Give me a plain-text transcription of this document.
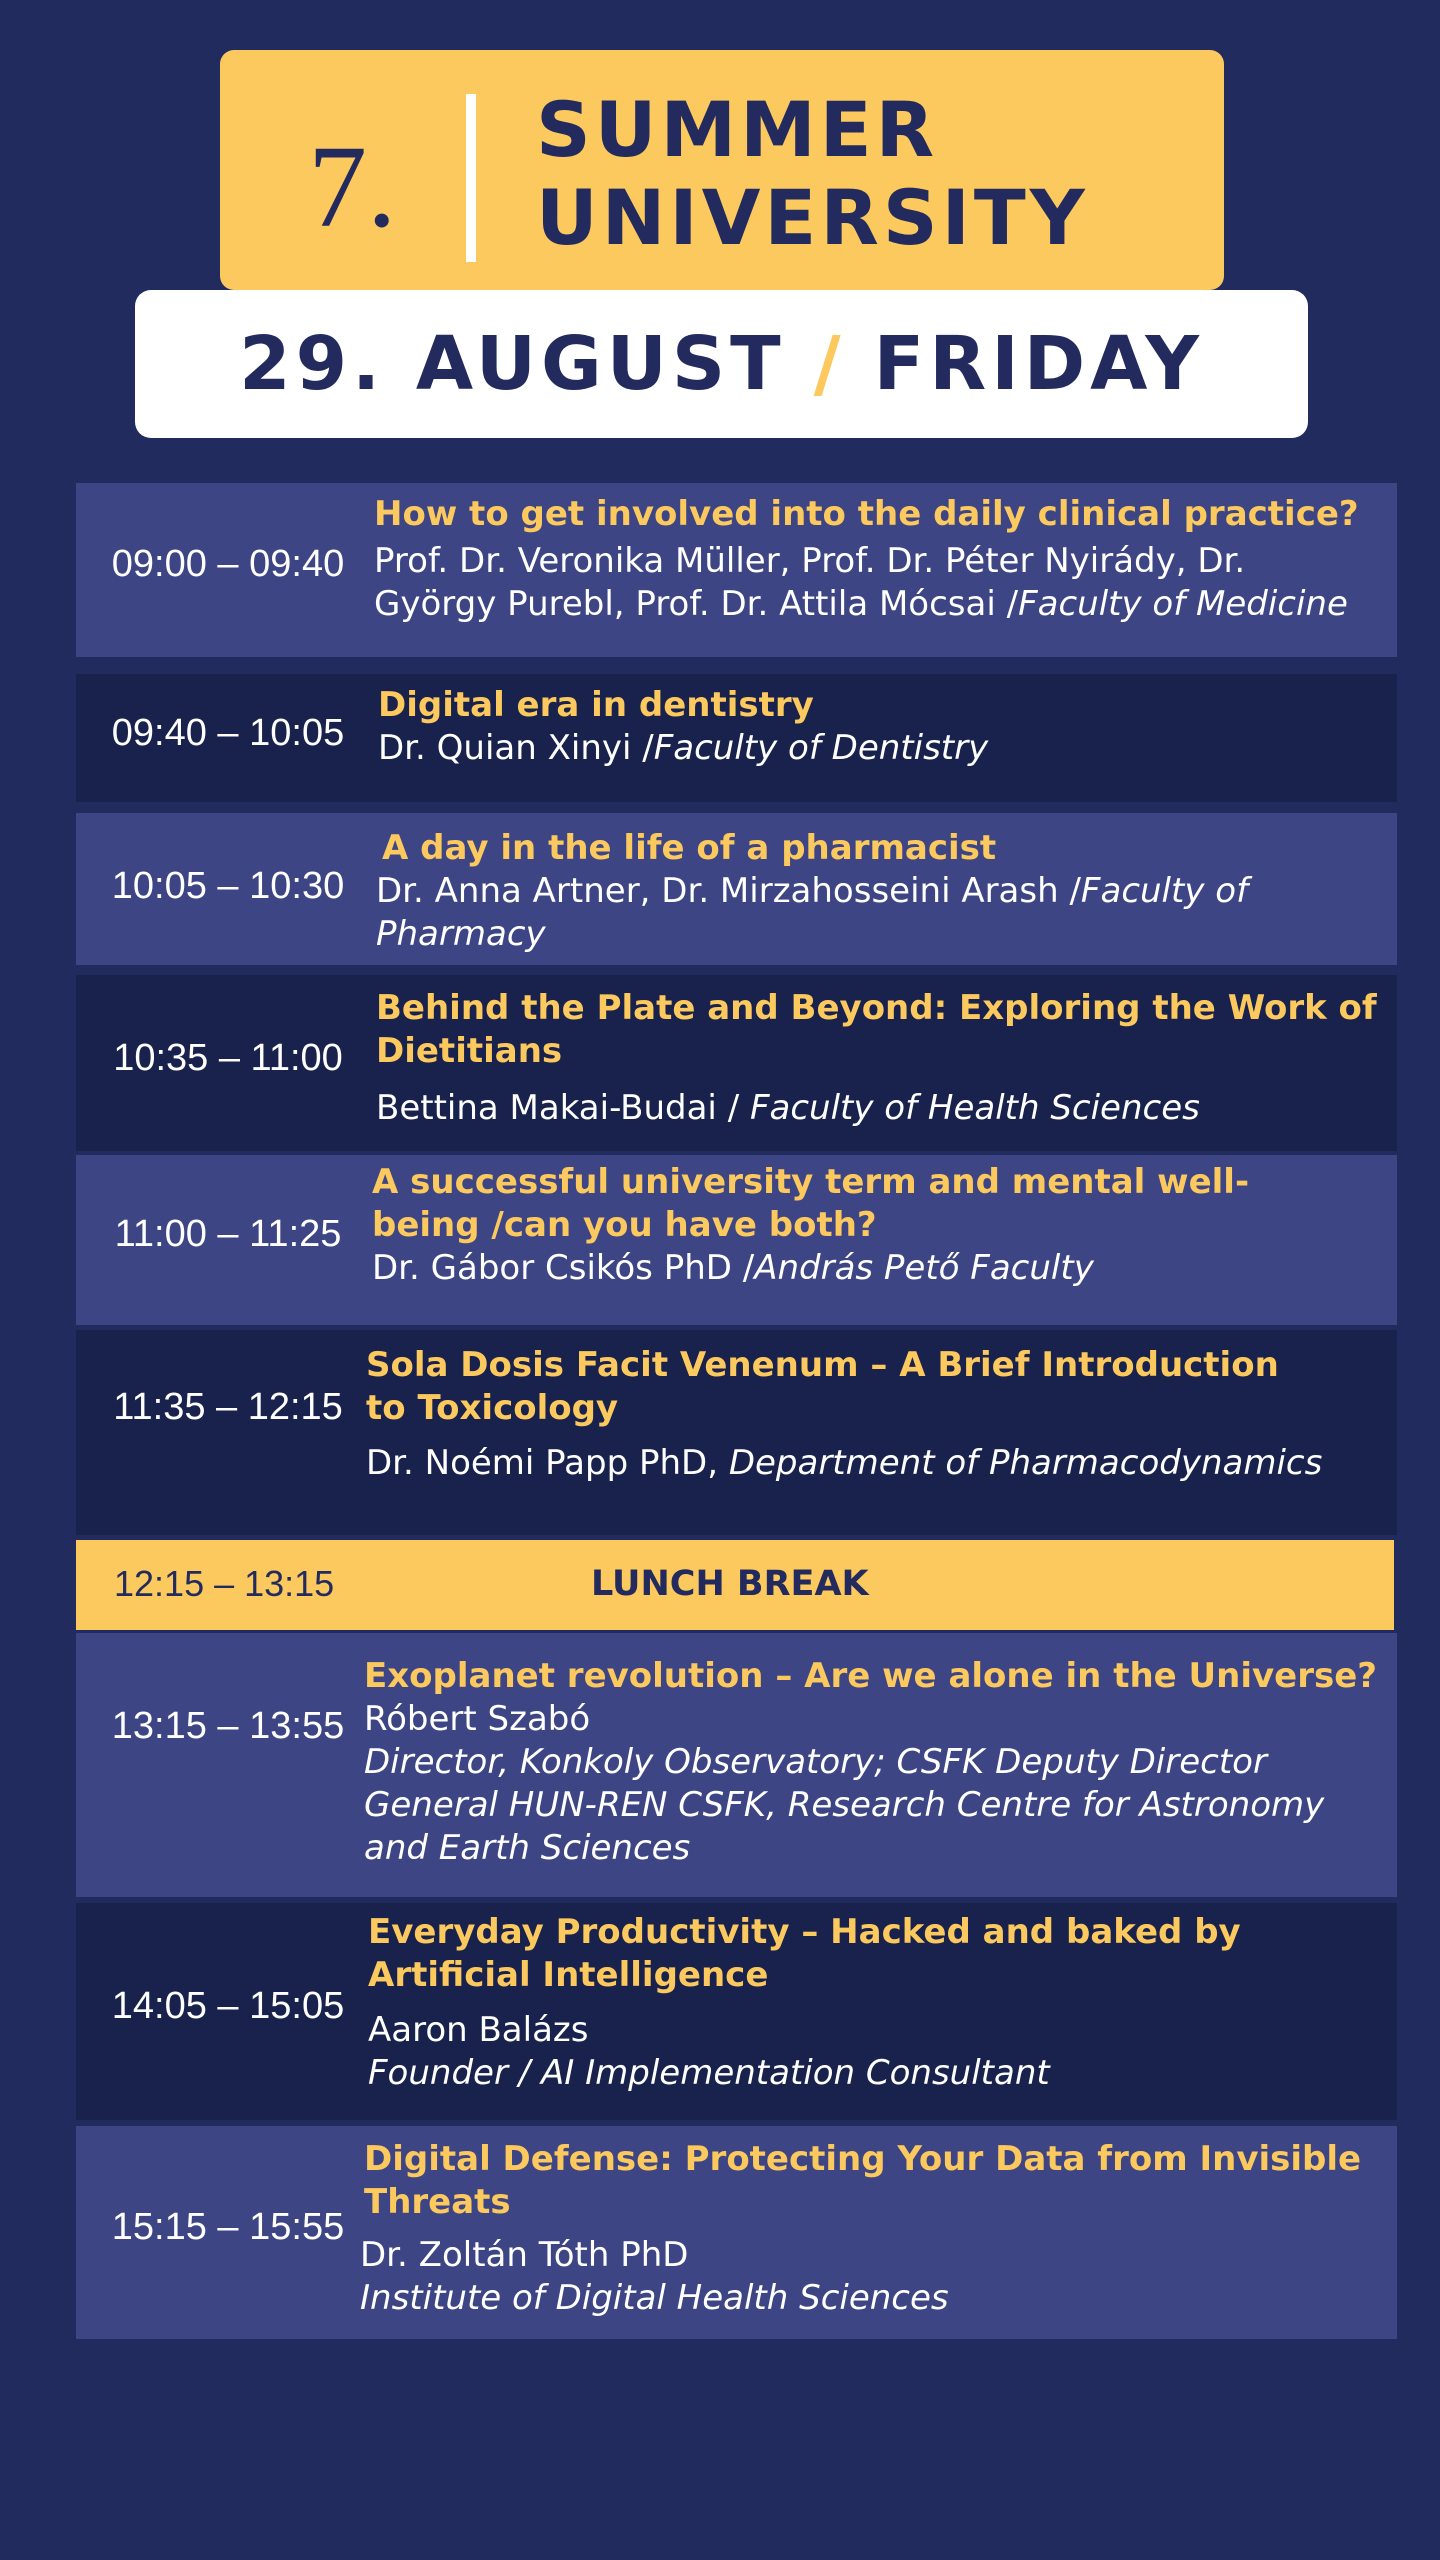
7. SUMMER
UNIVERSITY
29. AUGUST / FRIDAY
09:00 – 09:40
How to get involved into the daily clinical practice?
Prof. Dr. Veronika Müller, Prof. Dr. Péter Nyirády, Dr.
György Purebl, Prof. Dr. Attila Mócsai /Faculty of Medicine
09:40 – 10:05
Digital era in dentistry
Dr. Quian Xinyi /Faculty of Dentistry
10:05 – 10:30
A day in the life of a pharmacist
Dr. Anna Artner, Dr. Mirzahosseini Arash /Faculty of
Pharmacy
10:35 – 11:00
Behind the Plate and Beyond: Exploring the Work of
Dietitians
Bettina Makai-Budai / Faculty of Health Sciences
11:00 – 11:25
A successful university term and mental well-
being /can you have both?
Dr. Gábor Csikós PhD /András Pető Faculty
11:35 – 12:15
Sola Dosis Facit Venenum – A Brief Introduction
to Toxicology
Dr. Noémi Papp PhD, Department of Pharmacodynamics
12:15 – 13:15	LUNCH BREAK
13:15 – 13:55
Exoplanet revolution – Are we alone in the Universe?
Róbert Szabó
Director, Konkoly Observatory; CSFK Deputy Director
General HUN-REN CSFK, Research Centre for Astronomy
and Earth Sciences
14:05 – 15:05
Everyday Productivity – Hacked and baked by
Artificial Intelligence
Aaron Balázs
Founder / AI Implementation Consultant
15:15 – 15:55
Digital Defense: Protecting Your Data from Invisible
Threats
Dr. Zoltán Tóth PhD
Institute of Digital Health Sciences
